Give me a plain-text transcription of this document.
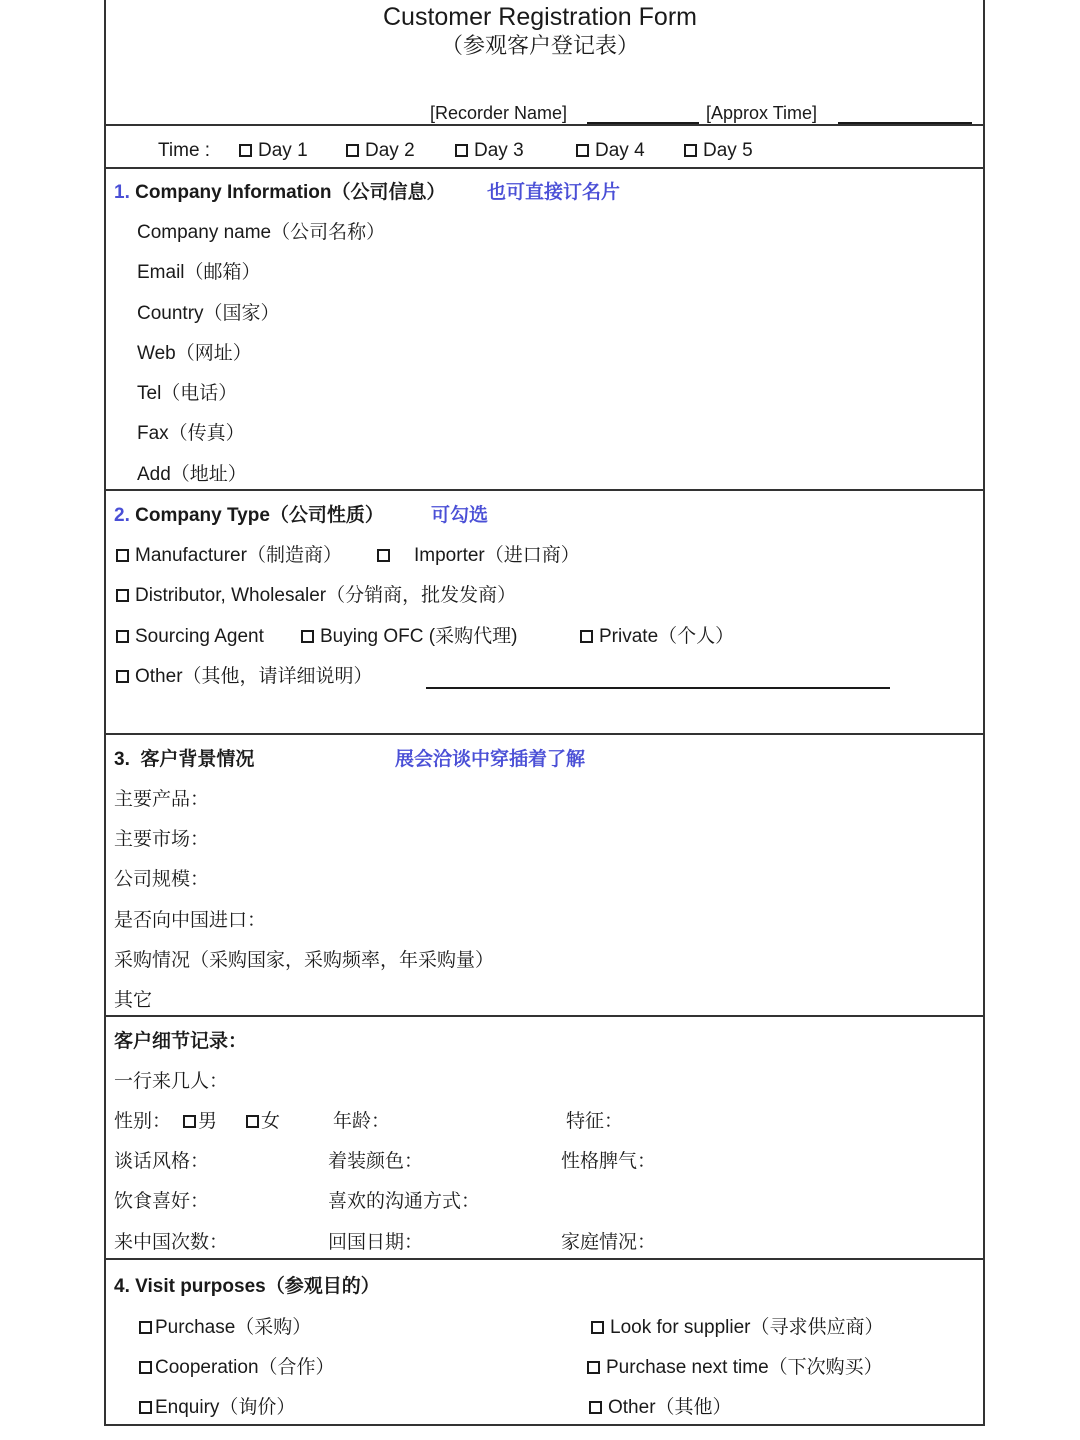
Customer Registration Form
（参观客户登记表）
[Recorder Name]	[Approx Time]
Time :	Day 1	Day 2	Day 3	Day 4	Day 5
1. Company Information（公司信息） 也可直接订名片
Company name（公司名称）
Email（邮箱）
Country（国家）
Web（网址）
Tel（电话）
Fax（传真）
Add（地址）
2. Company Type（公司性质） 可勾选
Manufacturer（制造商）	Importer（进口商）
Distributor, Wholesaler（分销商，批发发商）
Sourcing Agent	Buying OFC (采购代理)	Private（个人）
Other（其他，请详细说明）
3. 客户背景情况	展会洽谈中穿插着了解
主要产品：
主要市场：
公司规模：
是否向中国进口：
采购情况（采购国家，采购频率，年采购量）
其它
客户细节记录：
一行来几人：
性别：	男	女	年龄：	特征：
谈话风格：	着装颜色：	性格脾气：
饮食喜好：	喜欢的沟通方式：
来中国次数：	回国日期：	家庭情况：
4. Visit purposes（参观目的）
Purchase（采购）	Look for supplier（寻求供应商）
Cooperation（合作）	Purchase next time（下次购买）
Enquiry（询价）	Other（其他）
